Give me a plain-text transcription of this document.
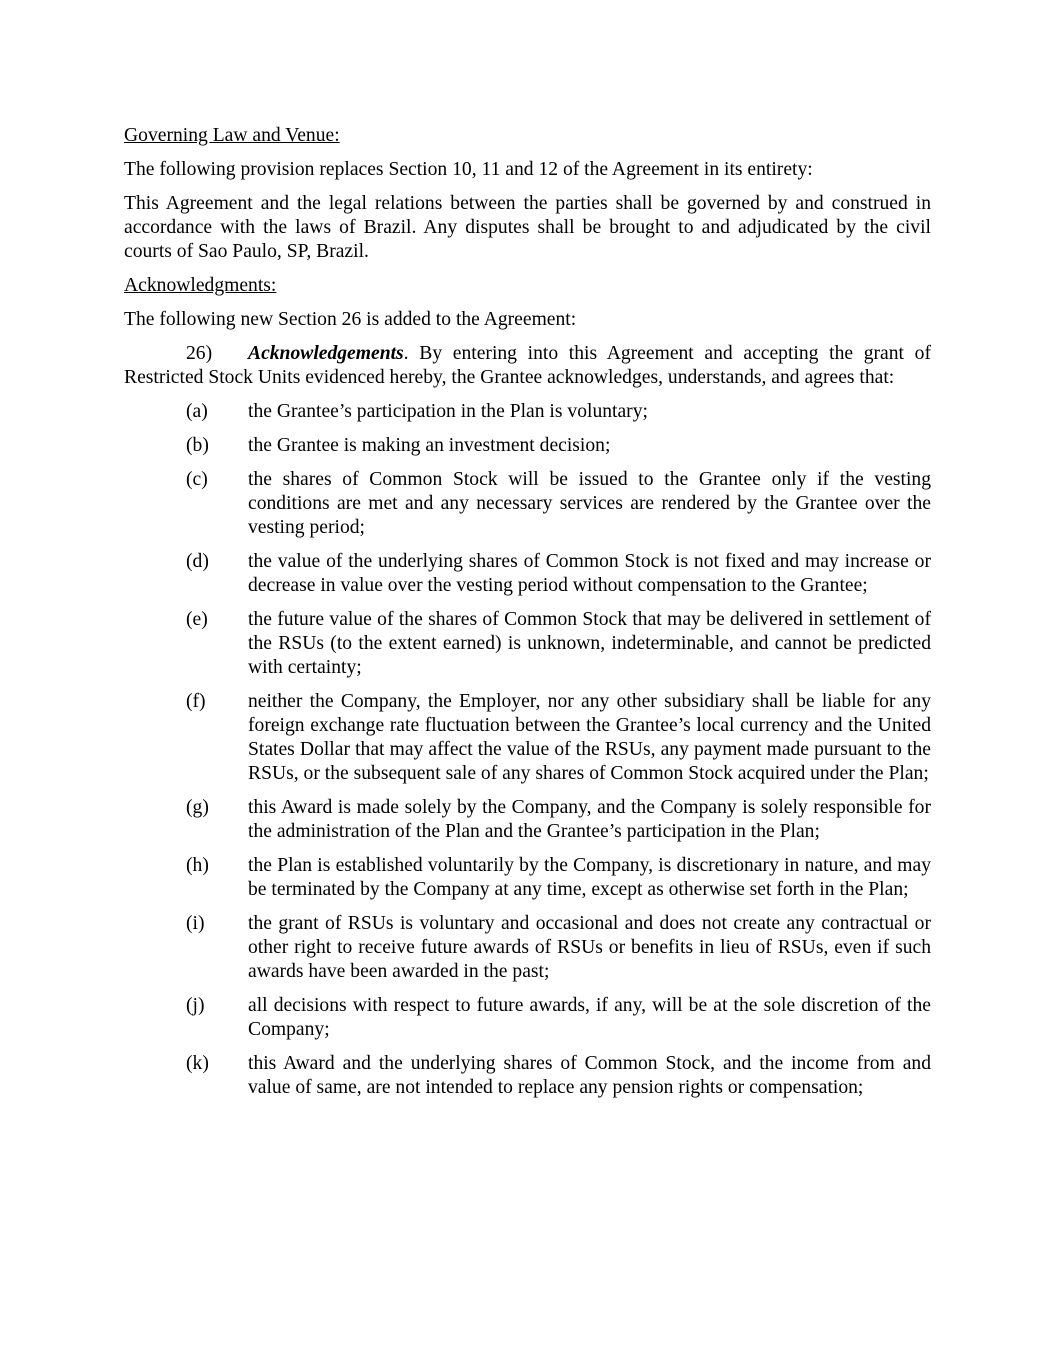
Governing Law and Venue:

The following provision replaces Section 10, 11 and 12 of the Agreement in its entirety:

This Agreement and the legal relations between the parties shall be governed by and construed in accordance with the laws of Brazil. Any disputes shall be brought to and adjudicated by the civil courts of Sao Paulo, SP, Brazil.

Acknowledgments:

The following new Section 26 is added to the Agreement:

26) Acknowledgements. By entering into this Agreement and accepting the grant of Restricted Stock Units evidenced hereby, the Grantee acknowledges, understands, and agrees that:

(a)	the Grantee’s participation in the Plan is voluntary;
(b)	the Grantee is making an investment decision;
(c)	the shares of Common Stock will be issued to the Grantee only if the vesting conditions are met and any necessary services are rendered by the Grantee over the vesting period;
(d)	the value of the underlying shares of Common Stock is not fixed and may increase or decrease in value over the vesting period without compensation to the Grantee;
(e)	the future value of the shares of Common Stock that may be delivered in settlement of the RSUs (to the extent earned) is unknown, indeterminable, and cannot be predicted with certainty;
(f)	neither the Company, the Employer, nor any other subsidiary shall be liable for any foreign exchange rate fluctuation between the Grantee’s local currency and the United States Dollar that may affect the value of the RSUs, any payment made pursuant to the RSUs, or the subsequent sale of any shares of Common Stock acquired under the Plan;
(g)	this Award is made solely by the Company, and the Company is solely responsible for the administration of the Plan and the Grantee’s participation in the Plan;
(h)	the Plan is established voluntarily by the Company, is discretionary in nature, and may be terminated by the Company at any time, except as otherwise set forth in the Plan;
(i)	the grant of RSUs is voluntary and occasional and does not create any contractual or other right to receive future awards of RSUs or benefits in lieu of RSUs, even if such awards have been awarded in the past;
(j)	all decisions with respect to future awards, if any, will be at the sole discretion of the Company;
(k)	this Award and the underlying shares of Common Stock, and the income from and value of same, are not intended to replace any pension rights or compensation;
